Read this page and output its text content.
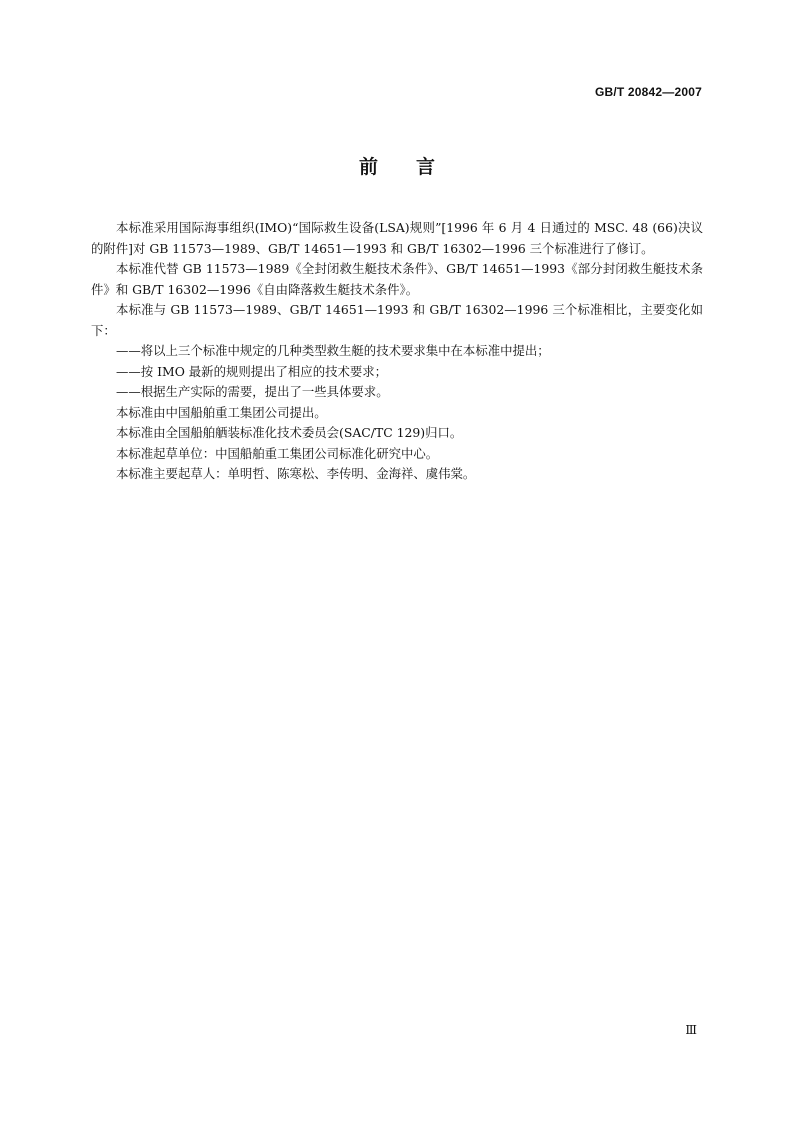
GB/T 20842—2007
前言

本标准采用国际海事组织(IMO)“国际救生设备(LSA)规则”[1996 年 6 月 4 日通过的 MSC. 48 (66)决议的附件]对 GB 11573—1989、GB/T 14651—1993 和 GB/T 16302—1996 三个标准进行了修订。

本标准代替 GB 11573—1989《全封闭救生艇技术条件》、GB/T 14651—1993《部分封闭救生艇技术条件》和 GB/T 16302—1996《自由降落救生艇技术条件》。

本标准与 GB 11573—1989、GB/T 14651—1993 和 GB/T 16302—1996 三个标准相比，主要变化如下：

——将以上三个标准中规定的几种类型救生艇的技术要求集中在本标准中提出；

——按 IMO 最新的规则提出了相应的技术要求；

——根据生产实际的需要，提出了一些具体要求。

本标准由中国船舶重工集团公司提出。

本标准由全国船舶舾装标准化技术委员会(SAC/TC 129)归口。

本标准起草单位：中国船舶重工集团公司标准化研究中心。

本标准主要起草人：单明哲、陈寒松、李传明、金海祥、虞伟棠。

Ⅲ
